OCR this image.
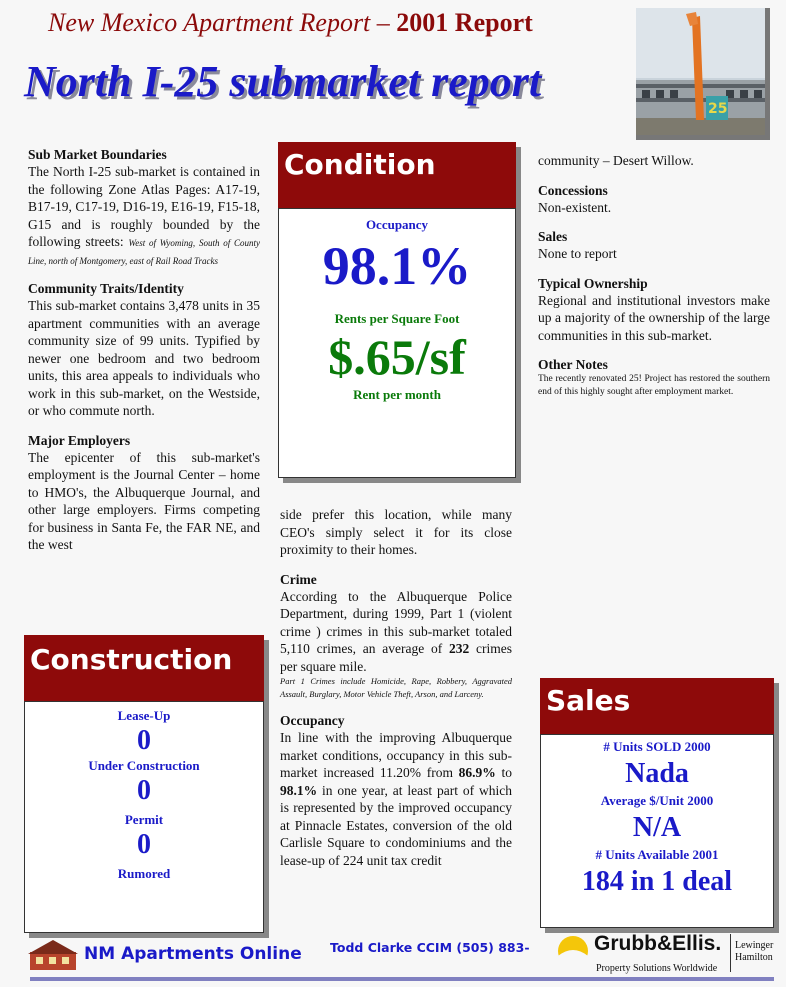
New Mexico Apartment Report – 2001 Report
North I-25 submarket report
25
Sub Market Boundaries

The North I-25 sub-market is contained in the following Zone Atlas Pages: A17-19, B17-19, C17-19, D16-19, E16-19, F15-18, G15 and is roughly bounded by the following streets: West of Wyoming, South of County Line, north of Montgomery, east of Rail Road Tracks

Community Traits/Identity

This sub-market contains 3,478 units in 35 apartment communities with an average community size of 99 units. Typified by newer one bedroom and two bedroom units, this area appeals to individuals who work in this sub-market, on the Westside, or who commute north.

Major Employers

The epicenter of this sub-market's employment is the Journal Center – home to HMO's, the Albuquerque Journal, and other large employers. Firms competing for business in Santa Fe, the FAR NE, and the west

Condition
Occupancy
98.1%
Rents per Square Foot
$.65/sf
Rent per month

side prefer this location, while many CEO's simply select it for its close proximity to their homes.

Crime

According to the Albuquerque Police Department, during 1999, Part 1 (violent crime ) crimes in this sub-market totaled 5,110 crimes, an average of 232 crimes per square mile.

Part 1 Crimes include Homicide, Rape, Robbery, Aggravated Assault, Burglary, Motor Vehicle Theft, Arson, and Larceny.

Occupancy

In line with the improving Albuquerque market conditions, occupancy in this sub-market increased 11.20% from 86.9% to 98.1% in one year, at least part of which is represented by the improved occupancy at Pinnacle Estates, conversion of the old Carlisle Square to condominiums and the lease-up of 224 unit tax credit

community – Desert Willow.

Concessions

Non-existent.

Sales

None to report

Typical Ownership

Regional and institutional investors make up a majority of the ownership of the large communities in this sub-market.

Other Notes

The recently renovated 25! Project has restored the southern end of this highly sought after employment market.

Construction
Lease-Up
0
Under Construction
0
Permit
0
Rumored
Sales
# Units SOLD 2000
Nada
Average $/Unit 2000
N/A
# Units Available 2001
184 in 1 deal
NM Apartments Online Todd Clarke CCIM (505) 883-	Grubb&Ellis.
Property Solutions Worldwide
Lewinger
Hamilton
